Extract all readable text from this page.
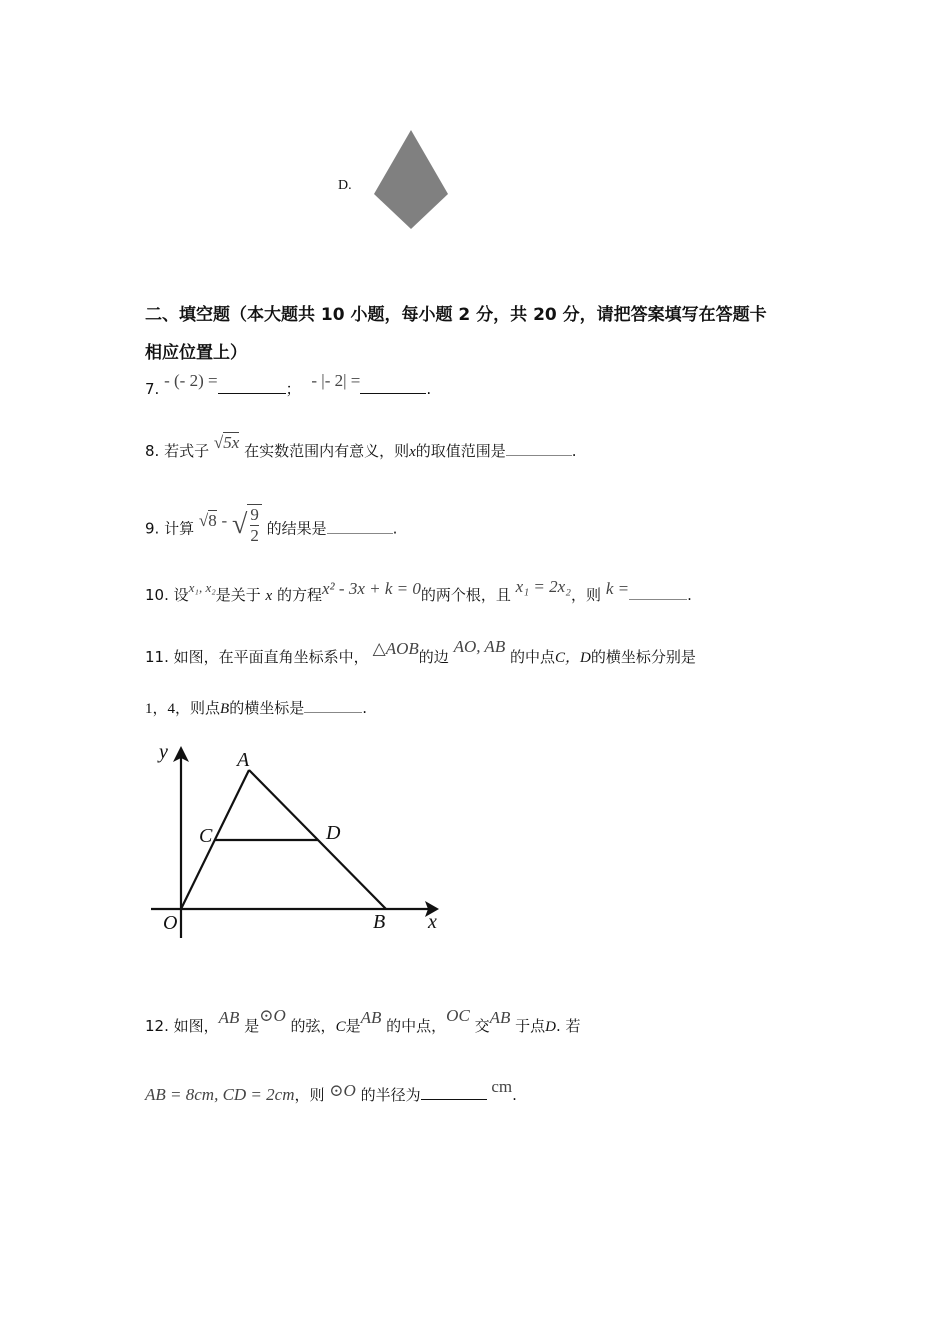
D.
二、填空题（本大题共 10 小题，每小题 2 分，共 20 分，请把答案填写在答题卡
相应位置上）
7. - (- 2) =	； - |- 2| =	.
8. 若式子 √5x 在实数范围内有意义，则x的取值范围是	.
9. 计算 √8 - √ $\frac{9}{2}$ 的结果是	.
10. 设x₁, x₂是关于 x 的方程x² - 3x + k = 0的两个根，且 x₁ = 2x₂，则 k =	.
11. 如图，在平面直角坐标系中， △AOB的边 AO, AB 的中点C，D的横坐标分别是
1，4，则点B的横坐标是	.
y
x
A
B
C	D
O
12. 如图，AB 是⊙O 的弦，C是AB 的中点，OC 交AB 于点D. 若
AB = 8cm, CD = 2cm，则 ⊙O 的半径为	cm.
